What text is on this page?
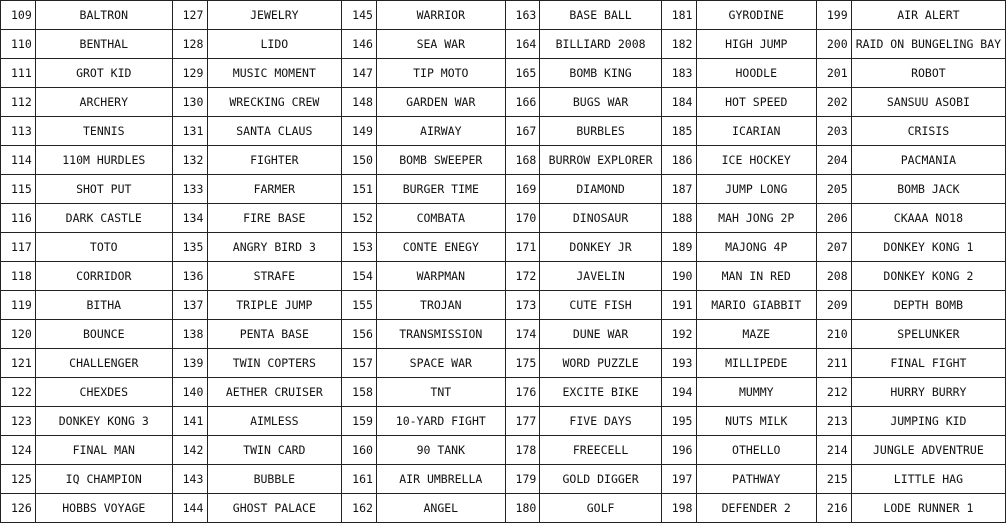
109	BALTRON	127	JEWELRY	145	WARRIOR	163	BASE BALL	181	GYRODINE	199	AIR ALERT
110	BENTHAL	128	LIDO	146	SEA WAR	164	BILLIARD 2008	182	HIGH JUMP	200	RAID ON BUNGELING BAY
111	GROT KID	129	MUSIC MOMENT	147	TIP MOTO	165	BOMB KING	183	HOODLE	201	ROBOT
112	ARCHERY	130	WRECKING CREW	148	GARDEN WAR	166	BUGS WAR	184	HOT SPEED	202	SANSUU ASOBI
113	TENNIS	131	SANTA CLAUS	149	AIRWAY	167	BURBLES	185	ICARIAN	203	CRISIS
114	110M HURDLES	132	FIGHTER	150	BOMB SWEEPER	168	BURROW EXPLORER	186	ICE HOCKEY	204	PACMANIA
115	SHOT PUT	133	FARMER	151	BURGER TIME	169	DIAMOND	187	JUMP LONG	205	BOMB JACK
116	DARK CASTLE	134	FIRE BASE	152	COMBATA	170	DINOSAUR	188	MAH JONG 2P	206	CKAAA NO18
117	TOTO	135	ANGRY BIRD 3	153	CONTE ENEGY	171	DONKEY JR	189	MAJONG 4P	207	DONKEY KONG 1
118	CORRIDOR	136	STRAFE	154	WARPMAN	172	JAVELIN	190	MAN IN RED	208	DONKEY KONG 2
119	BITHA	137	TRIPLE JUMP	155	TROJAN	173	CUTE FISH	191	MARIO GIABBIT	209	DEPTH BOMB
120	BOUNCE	138	PENTA BASE	156	TRANSMISSION	174	DUNE WAR	192	MAZE	210	SPELUNKER
121	CHALLENGER	139	TWIN COPTERS	157	SPACE WAR	175	WORD PUZZLE	193	MILLIPEDE	211	FINAL FIGHT
122	CHEXDES	140	AETHER CRUISER	158	TNT	176	EXCITE BIKE	194	MUMMY	212	HURRY BURRY
123	DONKEY KONG 3	141	AIMLESS	159	10-YARD FIGHT	177	FIVE DAYS	195	NUTS MILK	213	JUMPING KID
124	FINAL MAN	142	TWIN CARD	160	90 TANK	178	FREECELL	196	OTHELLO	214	JUNGLE ADVENTRUE
125	IQ CHAMPION	143	BUBBLE	161	AIR UMBRELLA	179	GOLD DIGGER	197	PATHWAY	215	LITTLE HAG
126	HOBBS VOYAGE	144	GHOST PALACE	162	ANGEL	180	GOLF	198	DEFENDER 2	216	LODE RUNNER 1
